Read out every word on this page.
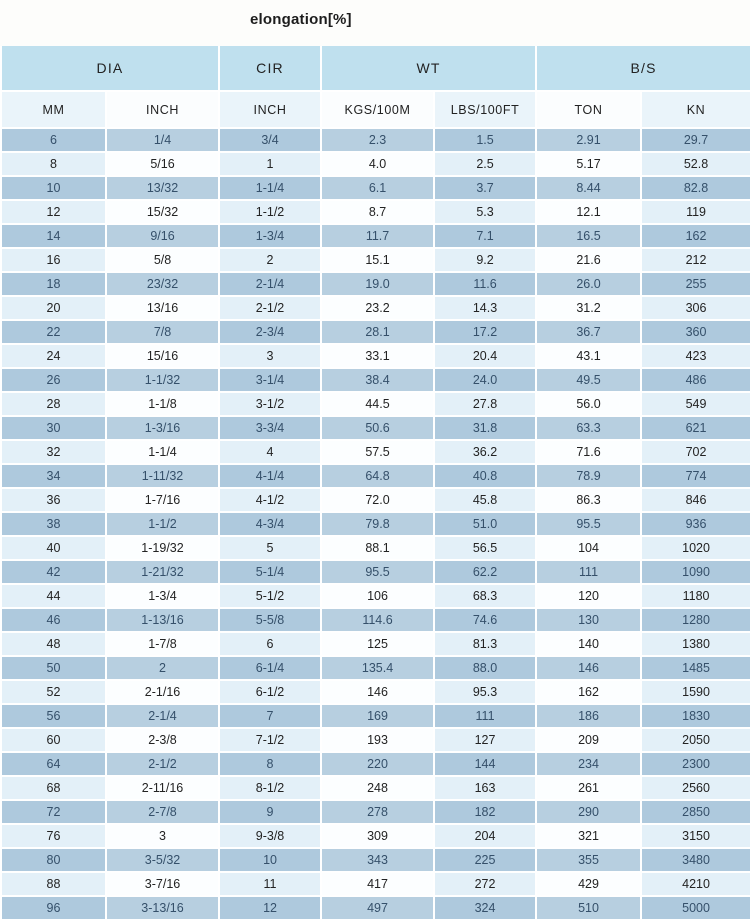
elongation[%]
DIA		CIR	WT		B/S	
MM	INCH	INCH	KGS/100M	LBS/100FT	TON	KN
6	1/4	3/4	2.3	1.5	2.91	29.7
8	5/16	1	4.0	2.5	5.17	52.8
10	13/32	1-1/4	6.1	3.7	8.44	82.8
12	15/32	1-1/2	8.7	5.3	12.1	119
14	9/16	1-3/4	11.7	7.1	16.5	162
16	5/8	2	15.1	9.2	21.6	212
18	23/32	2-1/4	19.0	11.6	26.0	255
20	13/16	2-1/2	23.2	14.3	31.2	306
22	7/8	2-3/4	28.1	17.2	36.7	360
24	15/16	3	33.1	20.4	43.1	423
26	1-1/32	3-1/4	38.4	24.0	49.5	486
28	1-1/8	3-1/2	44.5	27.8	56.0	549
30	1-3/16	3-3/4	50.6	31.8	63.3	621
32	1-1/4	4	57.5	36.2	71.6	702
34	1-11/32	4-1/4	64.8	40.8	78.9	774
36	1-7/16	4-1/2	72.0	45.8	86.3	846
38	1-1/2	4-3/4	79.8	51.0	95.5	936
40	1-19/32	5	88.1	56.5	104	1020
42	1-21/32	5-1/4	95.5	62.2	111	1090
44	1-3/4	5-1/2	106	68.3	120	1180
46	1-13/16	5-5/8	114.6	74.6	130	1280
48	1-7/8	6	125	81.3	140	1380
50	2	6-1/4	135.4	88.0	146	1485
52	2-1/16	6-1/2	146	95.3	162	1590
56	2-1/4	7	169	111	186	1830
60	2-3/8	7-1/2	193	127	209	2050
64	2-1/2	8	220	144	234	2300
68	2-11/16	8-1/2	248	163	261	2560
72	2-7/8	9	278	182	290	2850
76	3	9-3/8	309	204	321	3150
80	3-5/32	10	343	225	355	3480
88	3-7/16	11	417	272	429	4210
96	3-13/16	12	497	324	510	5000
